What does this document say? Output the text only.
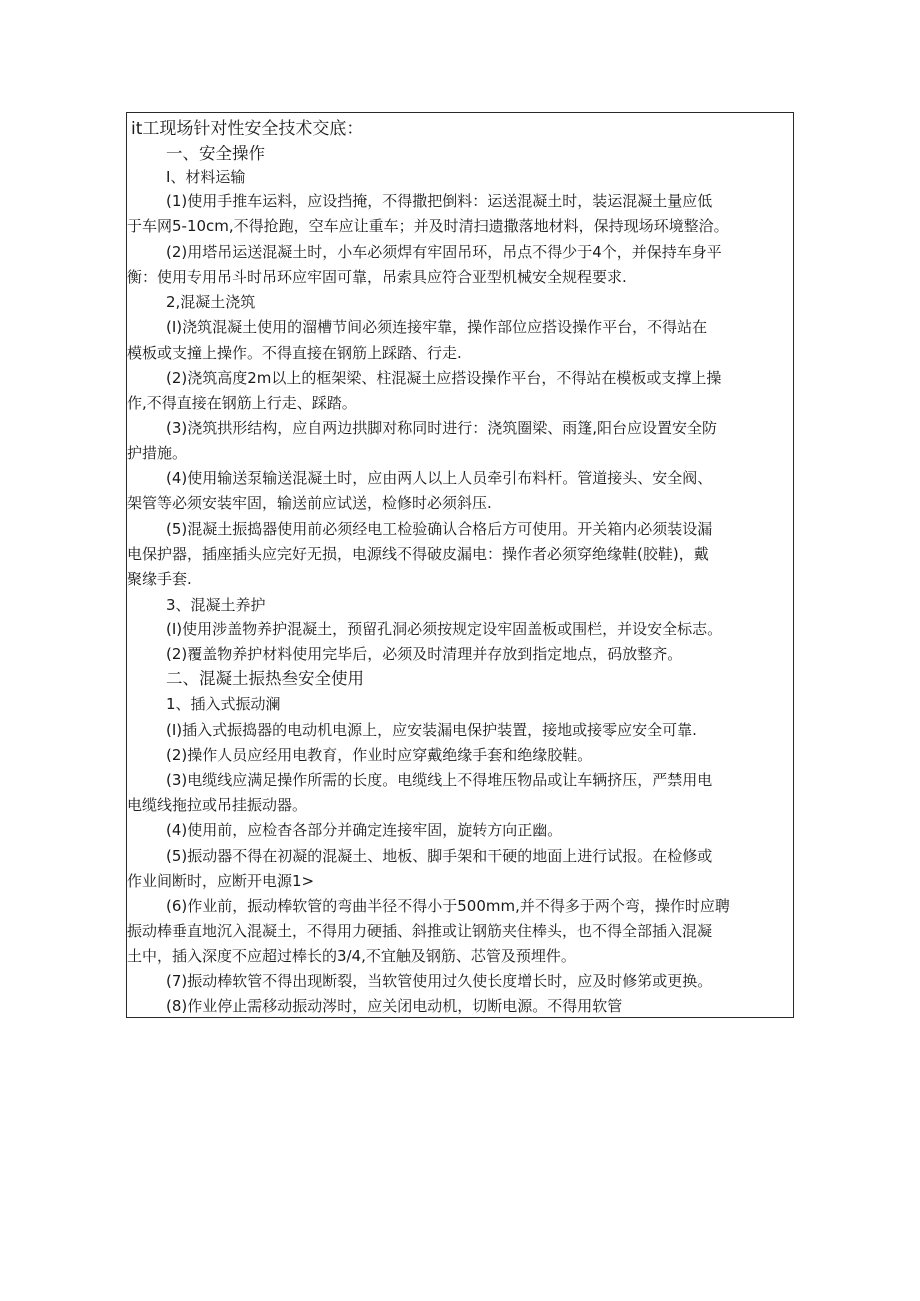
it工现场针对性安全技术交底：
一、安全操作
I、材料运输
(1)使用手推车运料，应设挡掩，不得撒把倒料：运送混凝土时，装运混凝土量应低
于车网5-10cm,不得抢跑，空车应让重车；并及时清扫遗撒落地材料，保持现场环境整洽。
(2)用塔吊运送混凝土时，小车必须焊有牢固吊环，吊点不得少于4个，并保持车身平
衡：使用专用吊斗时吊环应牢固可靠，吊索具应符合亚型机械安全规程要求.
2,混凝土浇筑
(I)浇筑混凝土使用的溜槽节间必须连接牢靠，操作部位应搭设操作平台，不得站在
模板或支撞上操作。不得直接在钢筋上踩踏、行走.
(2)浇筑高度2m以上的框架梁、柱混凝土应搭设操作平台，不得站在模板或支撑上操
作,不得直接在钢筋上行走、踩踏。
(3)浇筑拱形结构，应自两边拱脚对称同时进行：浇筑圈梁、雨篷,阳台应设置安全防
护措施。
(4)使用输送泵输送混凝土时，应由两人以上人员牵引布料杆。管道接头、安全阀、
架管等必须安装牢固，输送前应试送，检修时必须斜压.
(5)混凝土振捣器使用前必须经电工检验确认合格后方可使用。开关箱内必须装设漏
电保护器，插座插头应完好无损，电源线不得破皮漏电：操作者必须穿绝缘鞋(胶鞋)，戴
聚缘手套.
3、混凝土养护
(I)使用涉盖物养护混凝土，预留孔洞必须按规定设牢固盖板或围栏，并设安全标志。
(2)覆盖物养护材料使用完毕后，必须及时清理并存放到指定地点，码放整齐。
二、混凝土振热叁安全使用
1、插入式振动澜
(I)插入式振捣器的电动机电源上，应安装漏电保护装置，接地或接零应安全可靠.
(2)操作人员应经用电教育，作业时应穿戴绝缘手套和绝缘胶鞋。
(3)电缆线应满足操作所需的长度。电缆线上不得堆压物品或让车辆挤压，严禁用电
电缆线拖拉或吊挂振动器。
(4)使用前，应检杳各部分并确定连接牢固，旋转方向正幽。
(5)振动器不得在初凝的混凝土、地板、脚手架和干硬的地面上进行试报。在检修或
作业间断时，应断开电源1>
(6)作业前，振动棒软管的弯曲半径不得小于500mm,并不得多于两个弯，操作时应聘
振动棒垂直地沉入混凝土，不得用力硬插、斜推或让钢筋夹住棒头，也不得全部插入混凝
土中，插入深度不应超过棒长的3/4,不宜触及钢筋、芯管及预埋件。
(7)振动棒软管不得出现断裂，当软管使用过久使长度增长时，应及时修笫或更换。
(8)作业停止需移动振动涔时，应关闭电动机，切断电源。不得用软管
